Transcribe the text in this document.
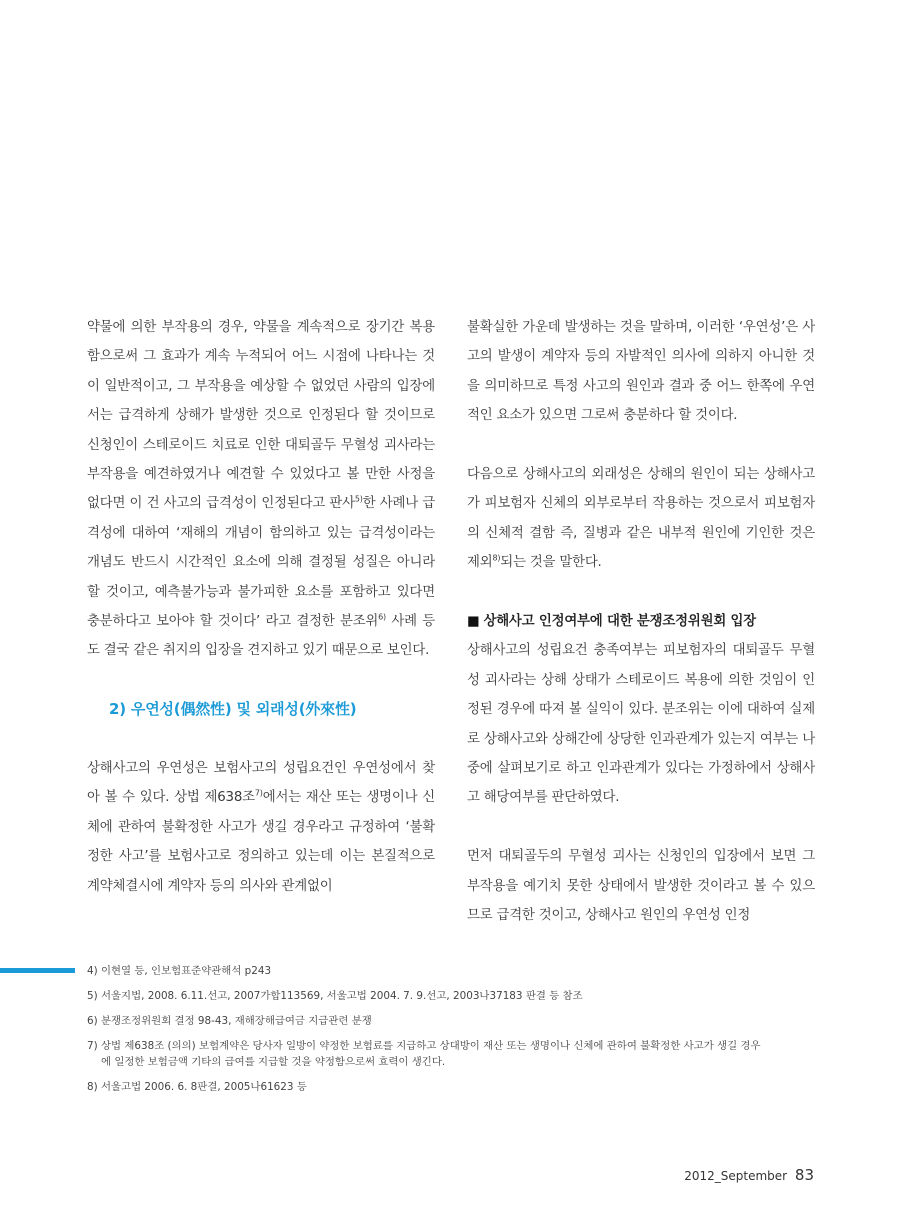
약물에 의한 부작용의 경우, 약물을 계속적으로 장기간 복용함으로써 그 효과가 계속 누적되어 어느 시점에 나타나는 것이 일반적이고, 그 부작용을 예상할 수 없었던 사람의 입장에서는 급격하게 상해가 발생한 것으로 인정된다 할 것이므로 신청인이 스테로이드 치료로 인한 대퇴골두 무혈성 괴사라는 부작용을 예견하였거나 예견할 수 있었다고 볼 만한 사정을 없다면 이 건 사고의 급격성이 인정된다고 판사$^{5)}$한 사례나 급격성에 대하여 ‘재해의 개념이 함의하고 있는 급격성이라는 개념도 반드시 시간적인 요소에 의해 결정될 성질은 아니라 할 것이고, 예측불가능과 불가피한 요소를 포함하고 있다면 충분하다고 보아야 할 것이다’ 라고 결정한 분조위$^{6)}$ 사례 등도 결국 같은 취지의 입장을 견지하고 있기 때문으로 보인다.

2) 우연성(偶然性) 및 외래성(外來性)

상해사고의 우연성은 보험사고의 성립요건인 우연성에서 찾아 볼 수 있다. 상법 제638조$^{7)}$에서는 재산 또는 생명이나 신체에 관하여 불확정한 사고가 생길 경우라고 규정하여 ‘불확정한 사고’를 보험사고로 정의하고 있는데 이는 본질적으로 계약체결시에 계약자 등의 의사와 관계없이

불확실한 가운데 발생하는 것을 말하며, 이러한 ‘우연성’은 사고의 발생이 계약자 등의 자발적인 의사에 의하지 아니한 것을 의미하므로 특정 사고의 원인과 결과 중 어느 한쪽에 우연적인 요소가 있으면 그로써 충분하다 할 것이다.

다음으로 상해사고의 외래성은 상해의 원인이 되는 상해사고가 피보험자 신체의 외부로부터 작용하는 것으로서 피보험자의 신체적 결함 즉, 질병과 같은 내부적 원인에 기인한 것은 제외$^{8)}$되는 것을 말한다.

■ 상해사고 인정여부에 대한 분쟁조정위원회 입장

상해사고의 성립요건 충족여부는 피보험자의 대퇴골두 무혈성 괴사라는 상해 상태가 스테로이드 복용에 의한 것임이 인정된 경우에 따져 볼 실익이 있다. 분조위는 이에 대하여 실제로 상해사고와 상해간에 상당한 인과관계가 있는지 여부는 나중에 살펴보기로 하고 인과관계가 있다는 가정하에서 상해사고 해당여부를 판단하였다.

먼저 대퇴골두의 무혈성 괴사는 신청인의 입장에서 보면 그 부작용을 예기치 못한 상태에서 발생한 것이라고 볼 수 있으므로 급격한 것이고, 상해사고 원인의 우연성 인정

4) 이현열 등, 인보험표준약관해석 p243

5) 서울지법, 2008. 6.11.선고, 2007가합113569, 서울고법 2004. 7. 9.선고, 2003나37183 판결 등 참조

6) 분쟁조정위원회 결정 98-43, 재해장해급여금 지급관련 분쟁

7) 상법 제638조 (의의) 보험계약은 당사자 일방이 약정한 보험료를 지급하고 상대방이 재산 또는 생명이나 신체에 관하여 불확정한 사고가 생길 경우
에 일정한 보험금액 기타의 급여를 지급할 것을 약정함으로써 효력이 생긴다.

8) 서울고법 2006. 6. 8판결, 2005나61623 등

2012_September 83
